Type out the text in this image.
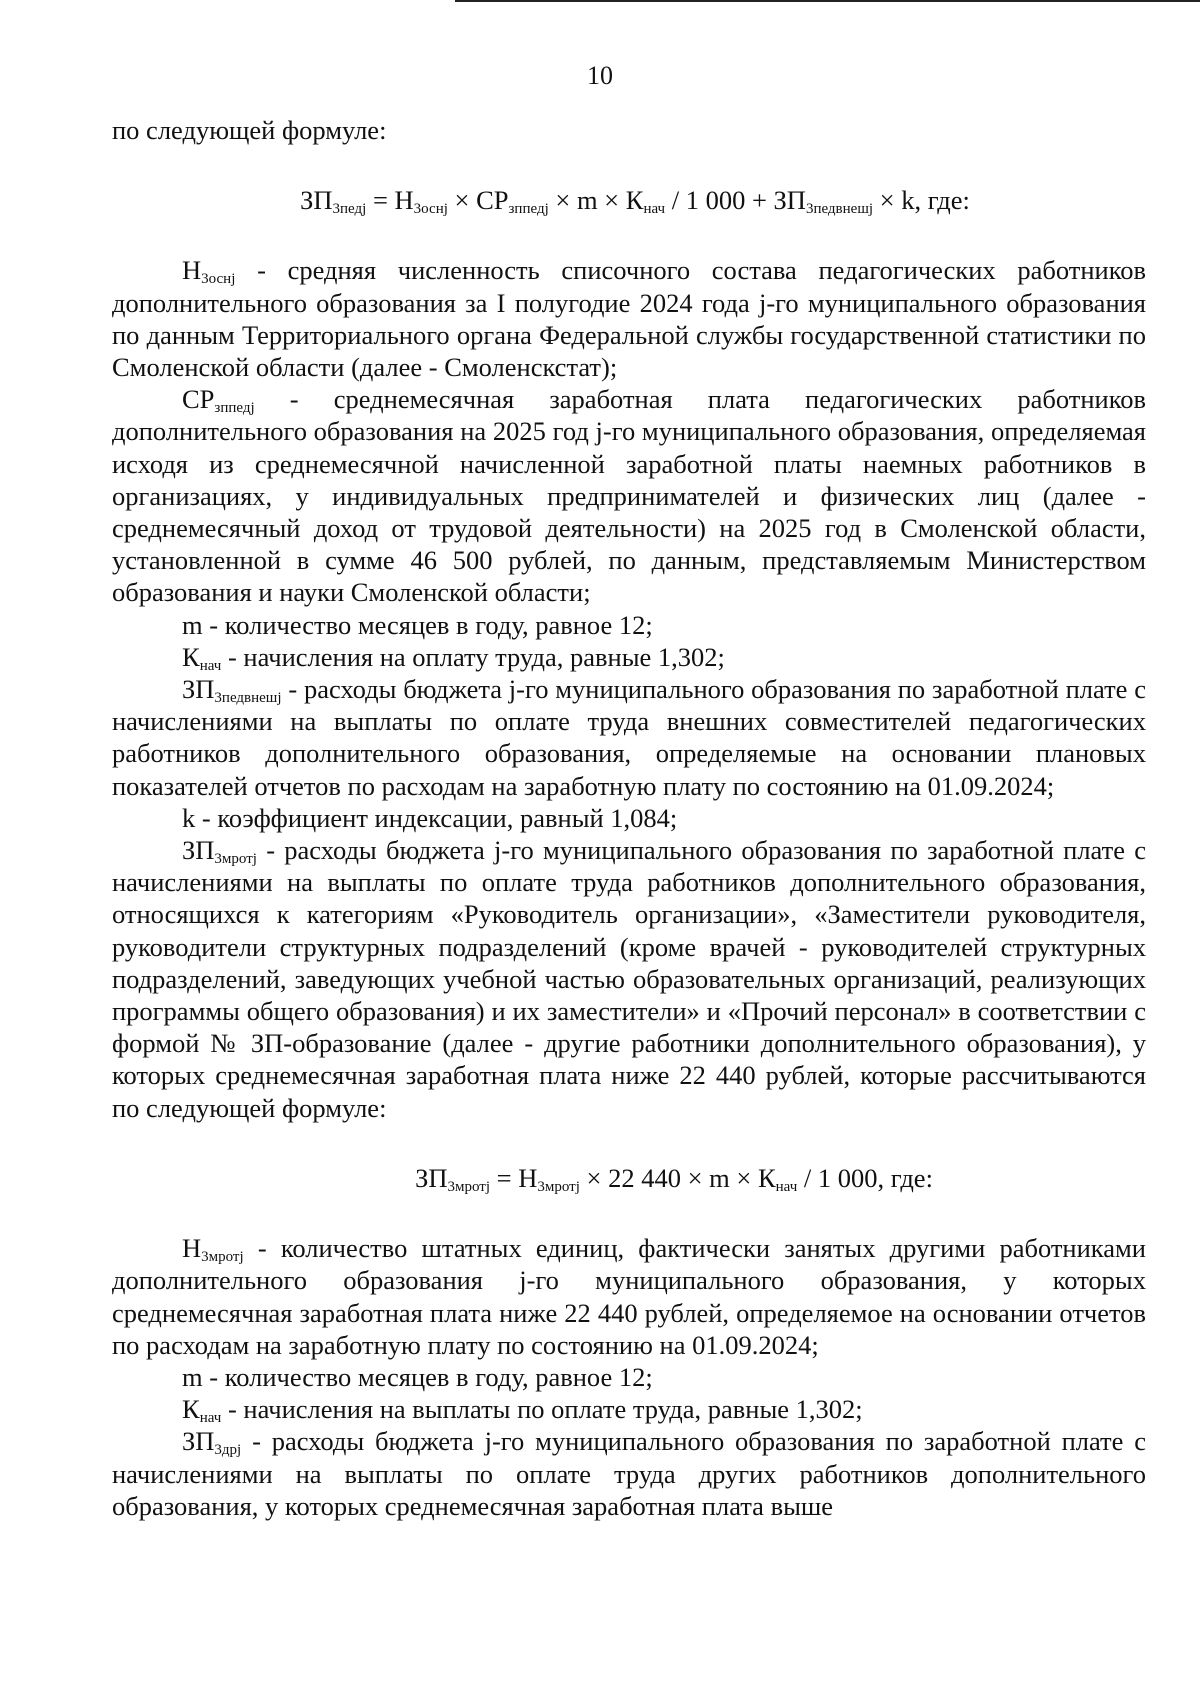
10

по следующей формуле:

$ЗП_{3педj} = Н_{3оснj} \times СР_{зппедj} \times m \times К_{нач} / 1$ $000 + ЗП_{3педвнешj} \times k$, где:

$Н_{3оснj}$ - средняя численность списочного состава педагогических работников дополнительного образования за I полугодие 2024 года j-го муниципального образования по данным Территориального органа Федеральной службы государственной статистики по Смоленской области (далее - Смоленскстат);

$СР_{зппедj}$ - среднемесячная заработная плата педагогических работников дополнительного образования на 2025 год j-го муниципального образования, определяемая исходя из среднемесячной начисленной заработной платы наемных работников в организациях, у индивидуальных предпринимателей и физических лиц (далее - среднемесячный доход от трудовой деятельности) на 2025 год в Смоленской области, установленной в сумме 46 500 рублей, по данным, представляемым Министерством образования и науки Смоленской области;

m - количество месяцев в году, равное 12;

$К_{нач}$ - начисления на оплату труда, равные 1,302;

$ЗП_{3педвнешj}$ - расходы бюджета j-го муниципального образования по заработной плате с начислениями на выплаты по оплате труда внешних совместителей педагогических работников дополнительного образования, определяемые на основании плановых показателей отчетов по расходам на заработную плату по состоянию на 01.09.2024;

k - коэффициент индексации, равный 1,084;

$ЗП_{3мротj}$ - расходы бюджета j-го муниципального образования по заработной плате с начислениями на выплаты по оплате труда работников дополнительного образования, относящихся к категориям «Руководитель организации», «Заместители руководителя, руководители структурных подразделений (кроме врачей - руководителей структурных подразделений, заведующих учебной частью образовательных организаций, реализующих программы общего образования) и их заместители» и «Прочий персонал» в соответствии с формой № ЗП-образование (далее - другие работники дополнительного образования), у которых среднемесячная заработная плата ниже 22 440 рублей, которые рассчитываются по следующей формуле:

$ЗП_{3мротj} = Н_{3мротj} \times 22$ $440 \times m \times К_{нач} / 1$ 000, где:

$Н_{3мротj}$ - количество штатных единиц, фактически занятых другими работниками дополнительного образования j-го муниципального образования, у которых среднемесячная заработная плата ниже 22 440 рублей, определяемое на основании отчетов по расходам на заработную плату по состоянию на 01.09.2024;

m - количество месяцев в году, равное 12;

$К_{нач}$ - начисления на выплаты по оплате труда, равные 1,302;

$ЗП_{3дрj}$ - расходы бюджета j-го муниципального образования по заработной плате с начислениями на выплаты по оплате труда других работников дополнительного образования, у которых среднемесячная заработная плата выше
